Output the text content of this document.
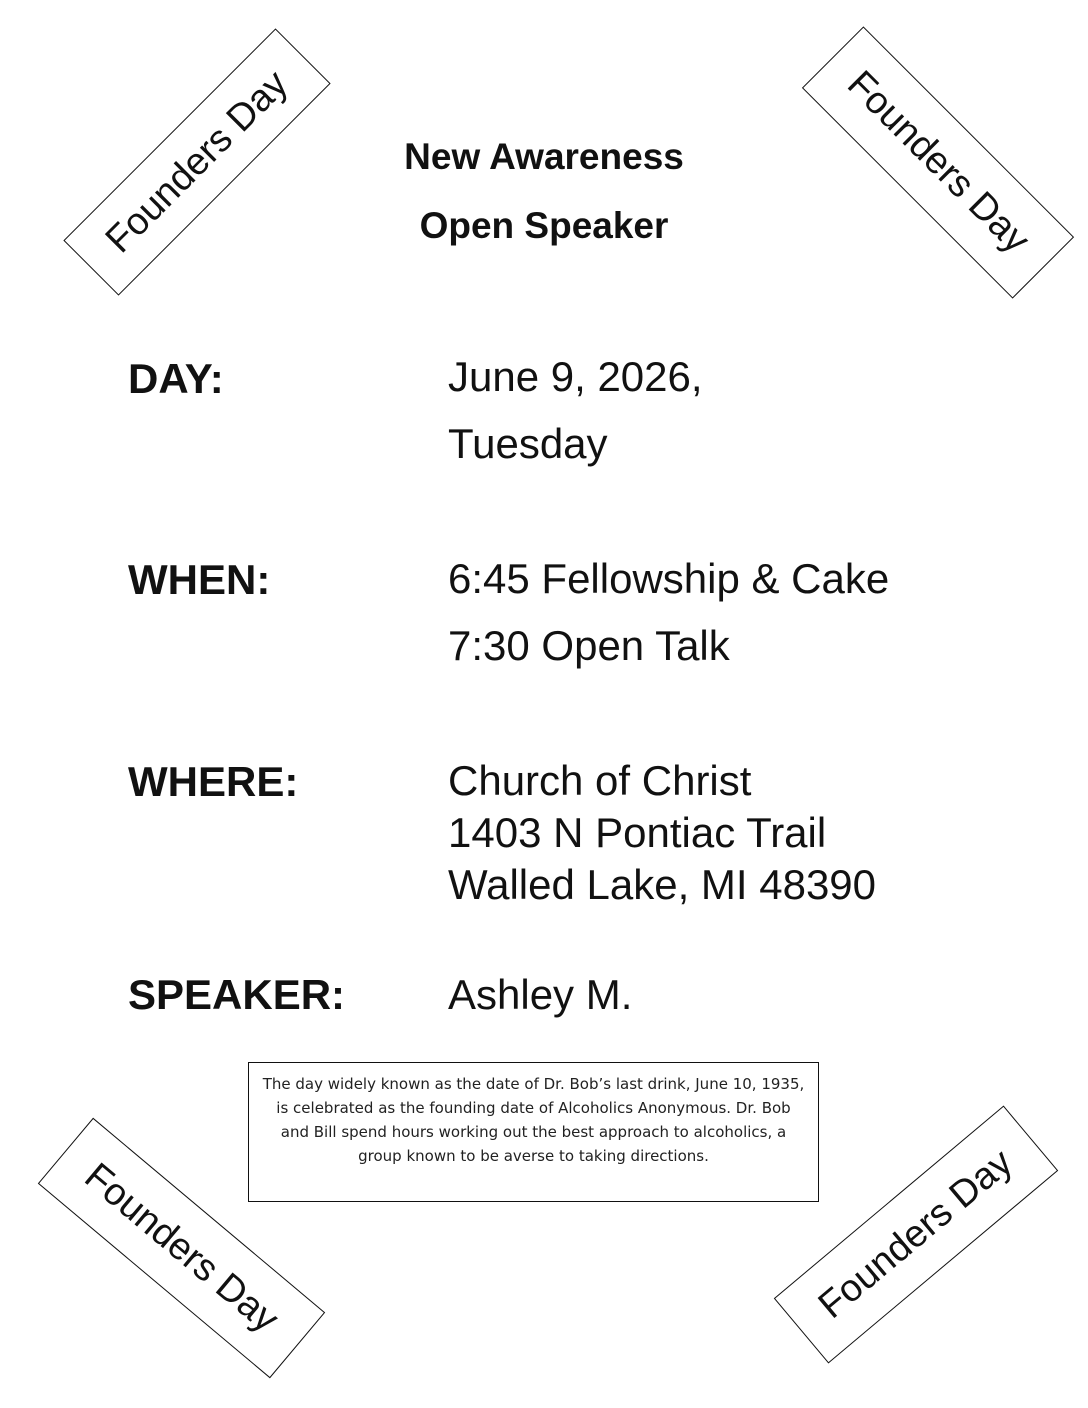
Founders Day	Founders Day
Founders Day	Founders Day
New Awareness
Open Speaker
DAY:	June 9, 2026,
Tuesday
WHEN:	6:45 Fellowship & Cake
7:30 Open Talk
WHERE:	Church of Christ
1403 N Pontiac Trail
Walled Lake, MI 48390
SPEAKER: Ashley M.
The day widely known as the date of Dr. Bob’s last drink, June 10, 1935, is celebrated as the founding date of Alcoholics Anonymous. Dr. Bob and Bill spend hours working out the best approach to alcoholics, a group known to be averse to taking directions.
